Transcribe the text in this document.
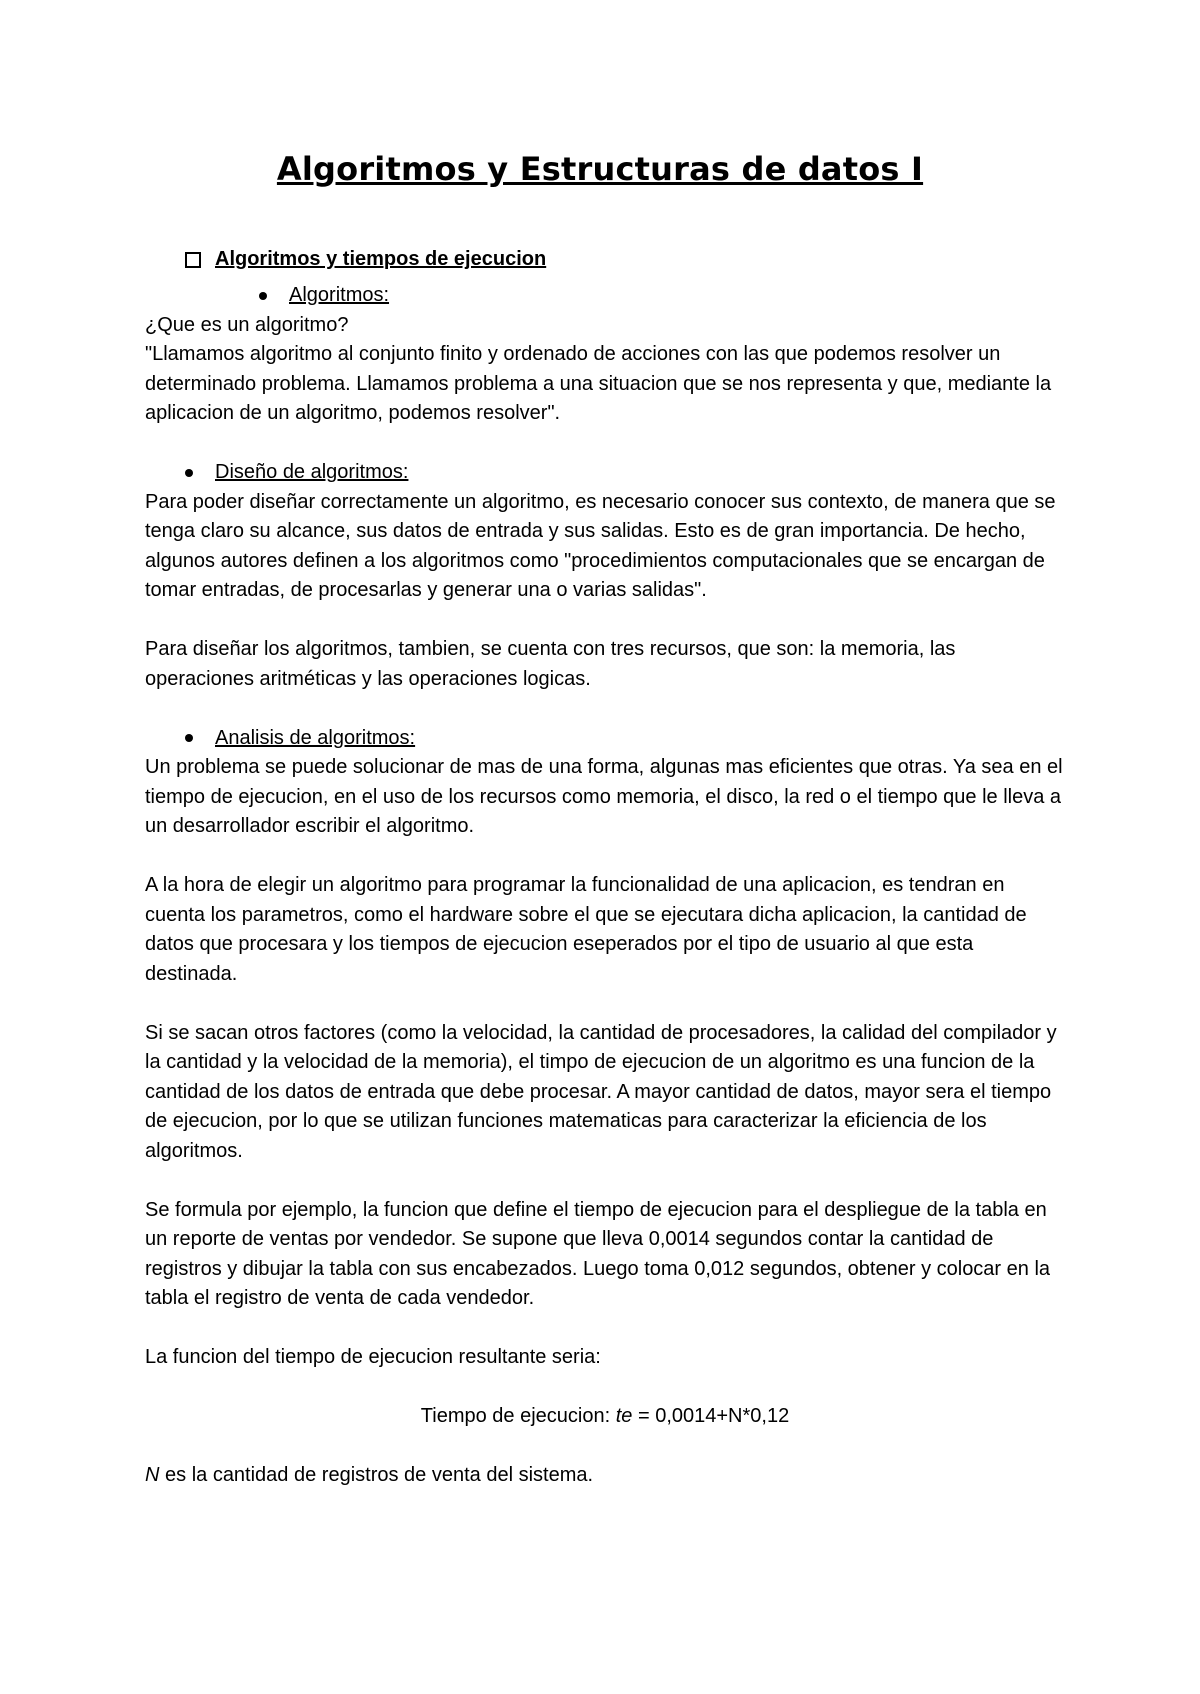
Algoritmos y Estructuras de datos I
Algoritmos y tiempos de ejecucion
Algoritmos:

¿Que es un algoritmo?

"Llamamos algoritmo al conjunto finito y ordenado de acciones con las que podemos resolver un determinado problema. Llamamos problema a una situacion que se nos representa y que, mediante la aplicacion de un algoritmo, podemos resolver".

Diseño de algoritmos:

Para poder diseñar correctamente un algoritmo, es necesario conocer sus contexto, de manera que se tenga claro su alcance, sus datos de entrada y sus salidas. Esto es de gran importancia. De hecho, algunos autores definen a los algoritmos como "procedimientos computacionales que se encargan de tomar entradas, de procesarlas y generar una o varias salidas".

Para diseñar los algoritmos, tambien, se cuenta con tres recursos, que son: la memoria, las operaciones aritméticas y las operaciones logicas.

Analisis de algoritmos:

Un problema se puede solucionar de mas de una forma, algunas mas eficientes que otras. Ya sea en el tiempo de ejecucion, en el uso de los recursos como memoria, el disco, la red o el tiempo que le lleva a un desarrollador escribir el algoritmo.

A la hora de elegir un algoritmo para programar la funcionalidad de una aplicacion, es tendran en cuenta los parametros, como el hardware sobre el que se ejecutara dicha aplicacion, la cantidad de datos que procesara y los tiempos de ejecucion eseperados por el tipo de usuario al que esta destinada.

Si se sacan otros factores (como la velocidad, la cantidad de procesadores, la calidad del compilador y la cantidad y la velocidad de la memoria), el timpo de ejecucion de un algoritmo es una funcion de la cantidad de los datos de entrada que debe procesar. A mayor cantidad de datos, mayor sera el tiempo de ejecucion, por lo que se utilizan funciones matematicas para caracterizar la eficiencia de los algoritmos.

Se formula por ejemplo, la funcion que define el tiempo de ejecucion para el despliegue de la tabla en un reporte de ventas por vendedor. Se supone que lleva 0,0014 segundos contar la cantidad de registros y dibujar la tabla con sus encabezados. Luego toma 0,012 segundos, obtener y colocar en la tabla el registro de venta de cada vendedor.

La funcion del tiempo de ejecucion resultante seria:

Tiempo de ejecucion: te = 0,0014+N*0,12

N es la cantidad de registros de venta del sistema.
